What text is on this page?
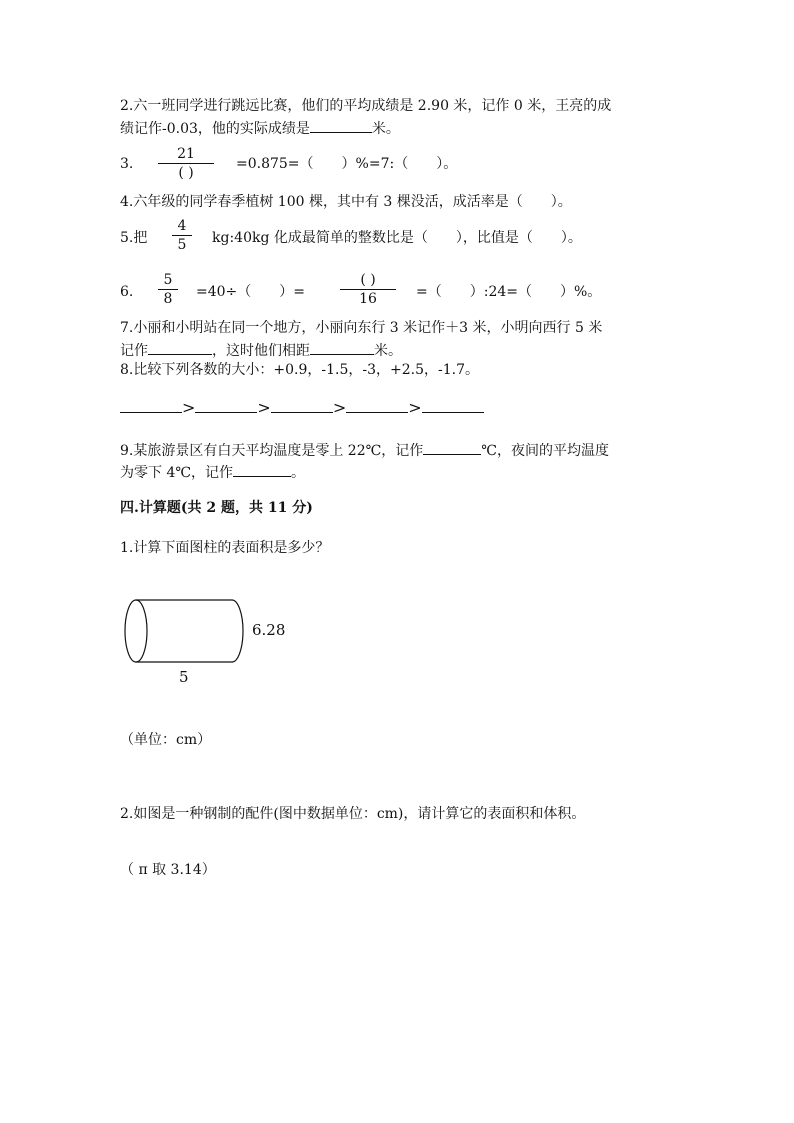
2.六一班同学进行跳远比赛，他们的平均成绩是 2.90 米，记作 0 米，王亮的成
绩记作-0.03，他的实际成绩是	米。
3.
21
( )
=0.875=（　　）%=7:（　　）。
4.六年级的同学春季植树 100 棵，其中有 3 棵没活，成活率是（　　）。
5.把
4
5	kg:40kg 化成最简单的整数比是（　　），比值是（　　）。
6.
5
8	=40÷（　　）=
( )
16	=（　　）:24=（　　）%。
7.小丽和小明站在同一个地方，小丽向东行 3 米记作＋3 米，小明向西行 5 米
记作	，这时他们相距	米。
8.比较下列各数的大小：+0.9，-1.5，-3，+2.5，-1.7。
>	>	>	>
9.某旅游景区有白天平均温度是零上 22℃，记作	℃，夜间的平均温度
为零下 4℃，记作	。
四.计算题(共 2 题，共 11 分)
1.计算下面图柱的表面积是多少？
6.28
5
（单位：cm）
2.如图是一种钢制的配件(图中数据单位：cm)，请计算它的表面积和体积。
（ π 取 3.14）
